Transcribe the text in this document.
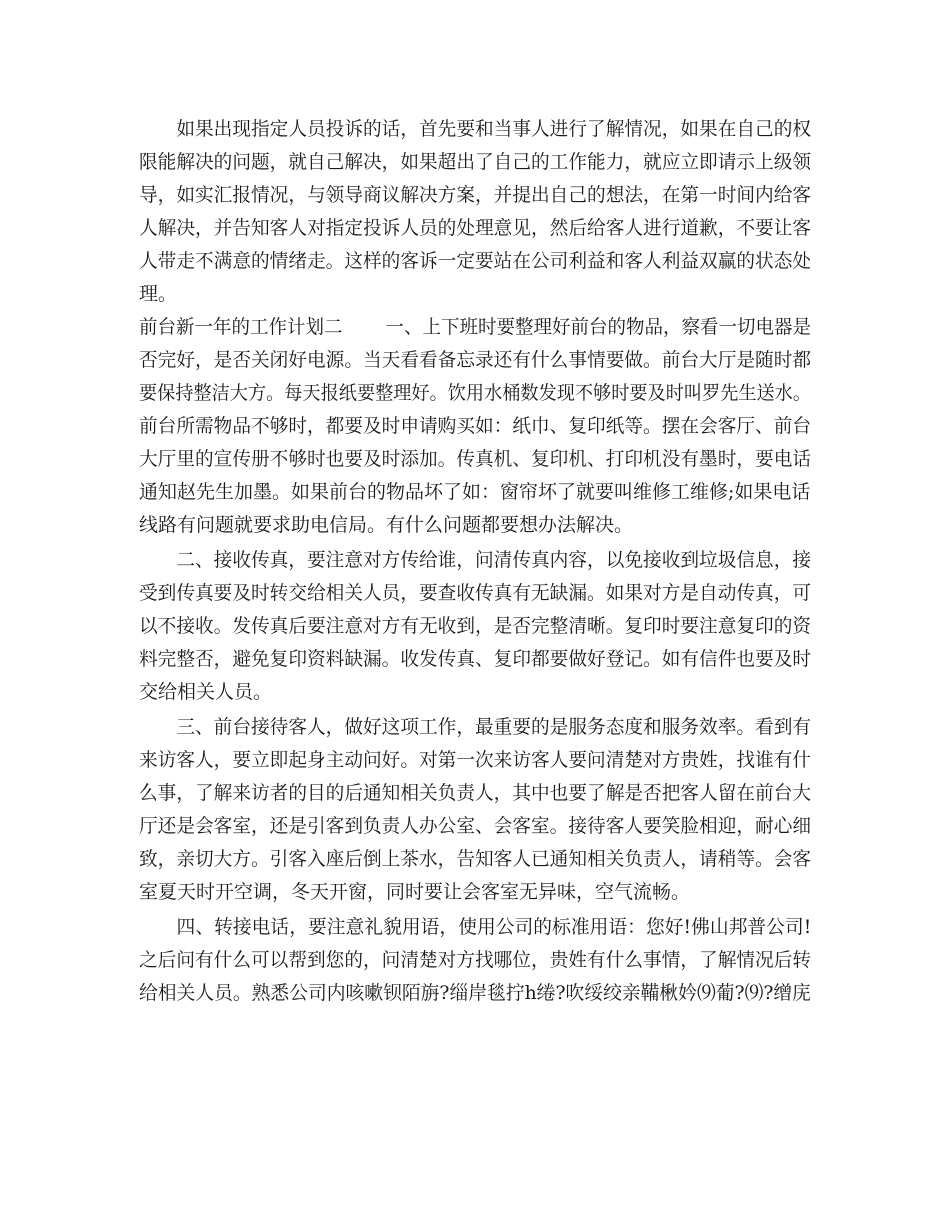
　　如果出现指定人员投诉的话，首先要和当事人进行了解情况，如果在自己的权
限能解决的问题，就自己解决，如果超出了自己的工作能力，就应立即请示上级领
导，如实汇报情况，与领导商议解决方案，并提出自己的想法，在第一时间内给客
人解决，并告知客人对指定投诉人员的处理意见，然后给客人进行道歉，不要让客
人带走不满意的情绪走。这样的客诉一定要站在公司利益和客人利益双赢的状态处
理。
前台新一年的工作计划二　　 一、上下班时要整理好前台的物品，察看一切电器是
否完好，是否关闭好电源。当天看看备忘录还有什么事情要做。前台大厅是随时都
要保持整洁大方。每天报纸要整理好。饮用水桶数发现不够时要及时叫罗先生送水。
前台所需物品不够时，都要及时申请购买如：纸巾、复印纸等。摆在会客厅、前台
大厅里的宣传册不够时也要及时添加。传真机、复印机、打印机没有墨时，要电话
通知赵先生加墨。如果前台的物品坏了如：窗帘坏了就要叫维修工维修;如果电话
线路有问题就要求助电信局。有什么问题都要想办法解决。
　　二、接收传真，要注意对方传给谁，问清传真内容，以免接收到垃圾信息，接
受到传真要及时转交给相关人员，要查收传真有无缺漏。如果对方是自动传真，可
以不接收。发传真后要注意对方有无收到，是否完整清晰。复印时要注意复印的资
料完整否，避免复印资料缺漏。收发传真、复印都要做好登记。如有信件也要及时
交给相关人员。
　　三、前台接待客人，做好这项工作，最重要的是服务态度和服务效率。看到有
来访客人，要立即起身主动问好。对第一次来访客人要问清楚对方贵姓，找谁有什
么事，了解来访者的目的后通知相关负责人，其中也要了解是否把客人留在前台大
厅还是会客室，还是引客到负责人办公室、会客室。接待客人要笑脸相迎，耐心细
致，亲切大方。引客入座后倒上茶水，告知客人已通知相关负责人，请稍等。会客
室夏天时开空调，冬天开窗，同时要让会客室无异味，空气流畅。
　　四、转接电话，要注意礼貌用语，使用公司的标准用语：您好!佛山邦普公司!
之后问有什么可以帮到您的，问清楚对方找哪位，贵姓有什么事情，了解情况后转
给相关人员。熟悉公司内咳嗽钡陌旃?缁岸毯拧h绻?吹绥绞亲鞴楸妗⑼葡?⑼?缯庑
